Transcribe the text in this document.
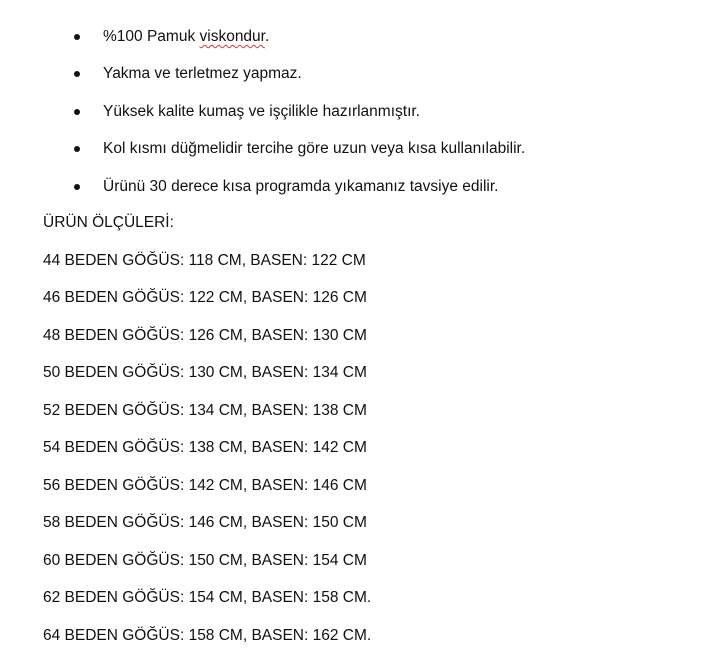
%100 Pamuk viskondur.
Yakma ve terletmez yapmaz.
Yüksek kalite kumaş ve işçilikle hazırlanmıştır.
Kol kısmı düğmelidir tercihe göre uzun veya kısa kullanılabilir.
Ürünü 30 derece kısa programda yıkamanız tavsiye edilir.
ÜRÜN ÖLÇÜLERİ:
44 BEDEN GÖĞÜS: 118 CM, BASEN: 122 CM
46 BEDEN GÖĞÜS: 122 CM, BASEN: 126 CM
48 BEDEN GÖĞÜS: 126 CM, BASEN: 130 CM
50 BEDEN GÖĞÜS: 130 CM, BASEN: 134 CM
52 BEDEN GÖĞÜS: 134 CM, BASEN: 138 CM
54 BEDEN GÖĞÜS: 138 CM, BASEN: 142 CM
56 BEDEN GÖĞÜS: 142 CM, BASEN: 146 CM
58 BEDEN GÖĞÜS: 146 CM, BASEN: 150 CM
60 BEDEN GÖĞÜS: 150 CM, BASEN: 154 CM
62 BEDEN GÖĞÜS: 154 CM, BASEN: 158 CM.
64 BEDEN GÖĞÜS: 158 CM, BASEN: 162 CM.
